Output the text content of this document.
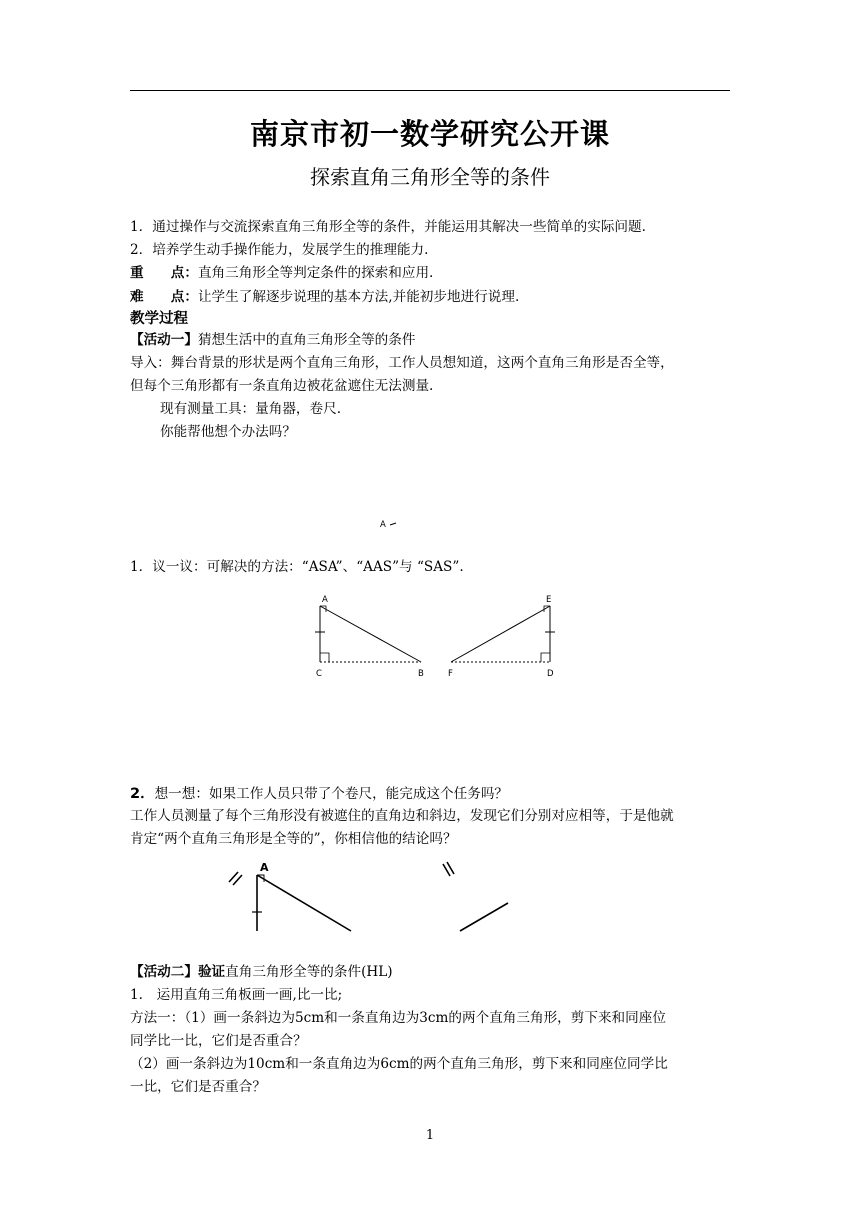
南京市初一数学研究公开课
探索直角三角形全等的条件
1．通过操作与交流探索直角三角形全等的条件，并能运用其解决一些简单的实际问题.
2．培养学生动手操作能力，发展学生的推理能力.
重　　点：直角三角形全等判定条件的探索和应用.
难　　点：让学生了解逐步说理的基本方法,并能初步地进行说理.
教学过程
【活动一】猜想生活中的直角三角形全等的条件
导入：舞台背景的形状是两个直角三角形，工作人员想知道，这两个直角三角形是否全等，
但每个三角形都有一条直角边被花盆遮住无法测量.
现有测量工具：量角器，卷尺.
你能帮他想个办法吗？
1．议一议：可解决的方法：“ASA”、“AAS”与 “SAS”.
2．想一想：如果工作人员只带了个卷尺，能完成这个任务吗？
工作人员测量了每个三角形没有被遮住的直角边和斜边，发现它们分别对应相等，于是他就
肯定“两个直角三角形是全等的”，你相信他的结论吗？
【活动二】验证直角三角形全等的条件(HL)
1.　运用直角三角板画一画,比一比;
方法一：（1）画一条斜边为5cm和一条直角边为3cm的两个直角三角形，剪下来和同座位
同学比一比，它们是否重合？
（2）画一条斜边为10cm和一条直角边为6cm的两个直角三角形，剪下来和同座位同学比
一比，它们是否重合？
1
A
A
C	B
E
F	D
A
